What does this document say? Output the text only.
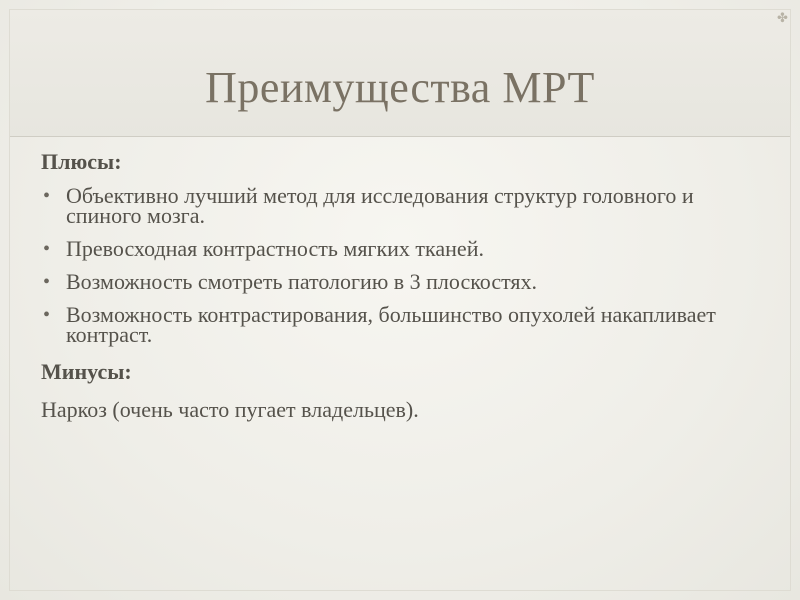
✤
Преимущества МРТ
Плюсы:
• Объективно лучший метод для исследования структур головного и спиного мозга.
• Превосходная контрастность мягких тканей.
• Возможность смотреть патологию в 3 плоскостях.
• Возможность контрастирования, большинство опухолей накапливает контраст.
Минусы:
Наркоз (очень часто пугает владельцев).
